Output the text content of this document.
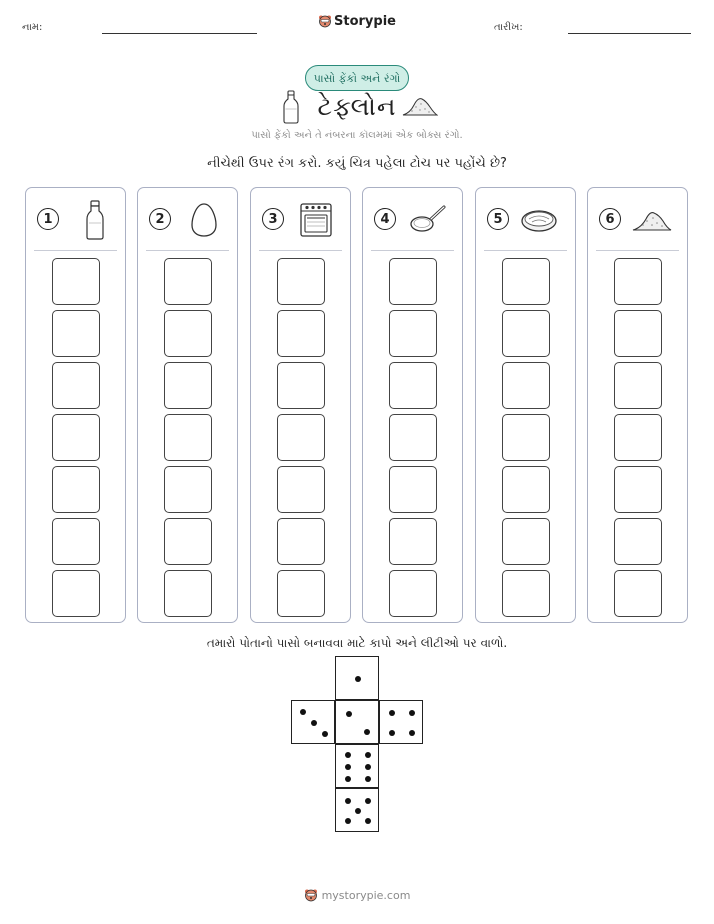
નામ:	Storypie	તારીખ:
પાસો ફેંકો અને રંગો
ટેફ્લોન
પાસો ફેંકો અને તે નંબરના કૉલમમાં એક બોક્સ રંગો.
નીચેથી ઉપર રંગ કરો. કયું ચિત્ર પહેલા ટોચ પર પહોંચે છે?
1	2	3	4	5	6
તમારો પોતાનો પાસો બનાવવા માટે કાપો અને લીટીઓ પર વાળો.
mystorypie.com
